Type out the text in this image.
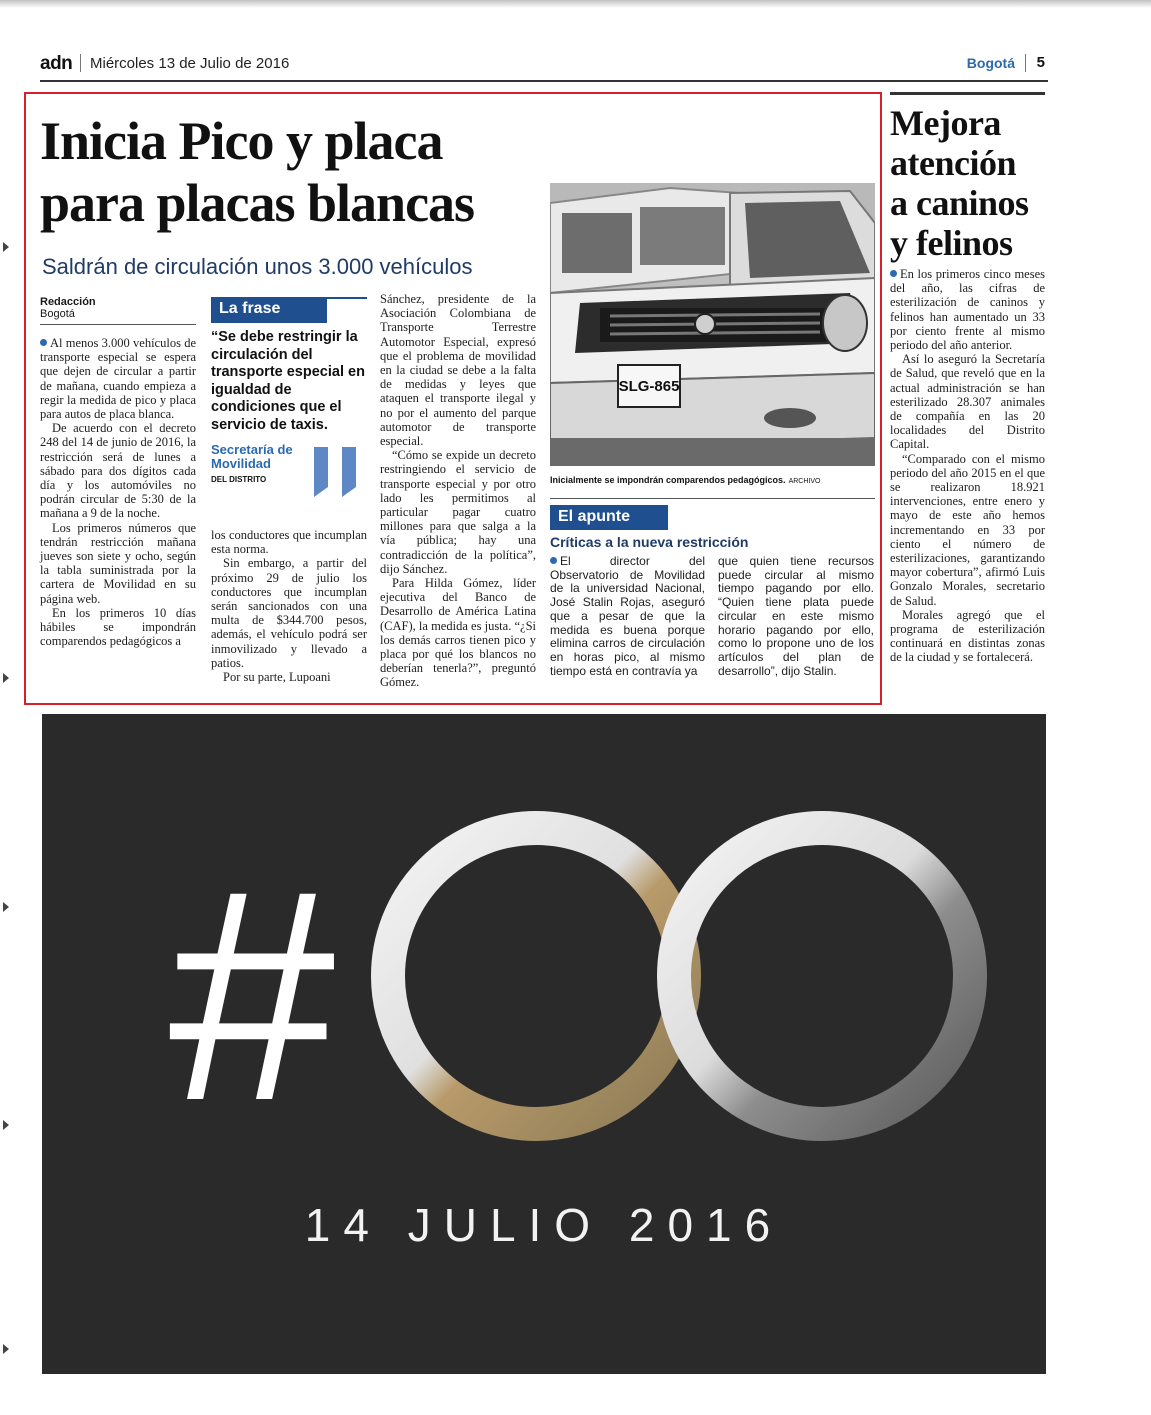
adn Miércoles 13 de Julio de 2016	Bogotá 5
Inicia Pico y placa
para placas blancas
Saldrán de circulación unos 3.000 vehículos
Redacción
Bogotá

Al menos 3.000 vehículos de transporte especial se espera que dejen de circular a partir de mañana, cuando empieza a regir la medida de pico y placa para autos de placa blanca.

De acuerdo con el decreto 248 del 14 de junio de 2016, la restricción será de lunes a sábado para dos dígitos cada día y los automóviles no podrán circular de 5:30 de la mañana a 9 de la noche.

Los primeros números que tendrán restricción mañana jueves son siete y ocho, según la tabla suministrada por la cartera de Movilidad en su página web.

En los primeros 10 días hábiles se impondrán comparendos pedagógicos a

La frase
“Se debe restringir la circulación del transporte especial en igualdad de condiciones que el servicio de taxis.
Secretaría de
Movilidad
DEL DISTRITO

los conductores que incumplan esta norma.

Sin embargo, a partir del próximo 29 de julio los conductores que incumplan serán sancionados con una multa de $344.700 pesos, además, el vehículo podrá ser inmovilizado y llevado a patios.

Por su parte, Lupoani

Sánchez, presidente de la Asociación Colombiana de Transporte Terrestre Automotor Especial, expresó que el problema de movilidad en la ciudad se debe a la falta de medidas y leyes que ataquen el transporte ilegal y no por el aumento del parque automotor de transporte especial.

“Cómo se expide un decreto restringiendo el servicio de transporte especial y por otro lado les permitimos al particular pagar cuatro millones para que salga a la vía pública; hay una contradicción de la política”, dijo Sánchez.

Para Hilda Gómez, líder ejecutiva del Banco de Desarrollo de América Latina (CAF), la medida es justa. “¿Si los demás carros tienen pico y placa por qué los blancos no deberían tenerla?”, preguntó Gómez.

SLG-865
Inicialmente se impondrán comparendos pedagógicos. ARCHIVO
El apunte
Críticas a la nueva restricción
El director del Observatorio de Movilidad de la universidad Nacional, José Stalin Rojas, aseguró que a pesar de que la medida es buena porque elimina carros de circulación en horas pico, al mismo tiempo está en contravía ya
que quien tiene recursos puede circular al mismo tiempo pagando por ello. “Quien tiene plata puede circular en este mismo horario pagando por ello, como lo propone uno de los artículos del plan de desarrollo”, dijo Stalin.
Mejora
atención
a caninos
y felinos

En los primeros cinco meses del año, las cifras de esterilización de caninos y felinos han aumentado un 33 por ciento frente al mismo periodo del año anterior.

Así lo aseguró la Secretaría de Salud, que reveló que en la actual administración se han esterilizado 28.307 animales de compañía en las 20 localidades del Distrito Capital.

“Comparado con el mismo periodo del año 2015 en el que se realizaron 18.921 intervenciones, entre enero y mayo de este año hemos incrementando en 33 por ciento el número de esterilizaciones, garantizando mayor cobertura”, afirmó Luis Gonzalo Morales, secretario de Salud.

Morales agregó que el programa de esterilización continuará en distintas zonas de la ciudad y se fortalecerá.

#
14 JULIO 2016
